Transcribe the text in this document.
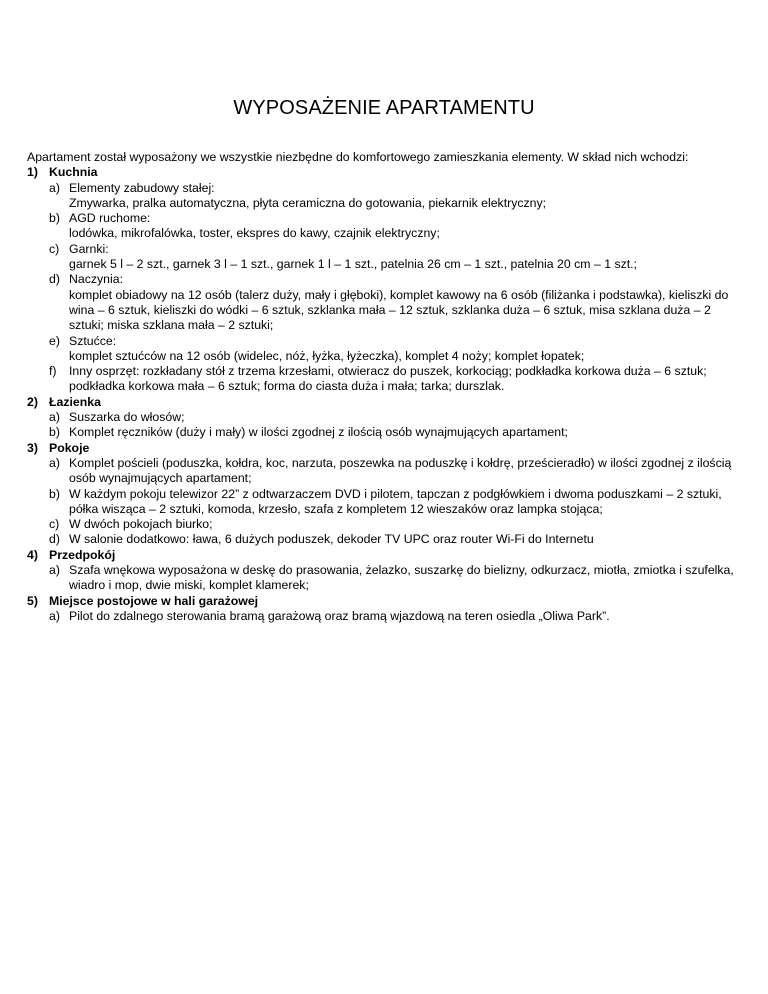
WYPOSAŻENIE APARTAMENTU

Apartament został wyposażony we wszystkie niezbędne do komfortowego zamieszkania elementy. W skład nich wchodzi:

1) Kuchnia
a) Elementy zabudowy stałej:
Zmywarka, pralka automatyczna, płyta ceramiczna do gotowania, piekarnik elektryczny;
b) AGD ruchome:
lodówka, mikrofalówka, toster, ekspres do kawy, czajnik elektryczny;
c) Garnki:
garnek 5 l – 2 szt., garnek 3 l – 1 szt., garnek 1 l – 1 szt., patelnia 26 cm – 1 szt., patelnia 20 cm – 1 szt.;
d) Naczynia:
komplet obiadowy na 12 osób (talerz duży, mały i głęboki), komplet kawowy na 6 osób (filiżanka i podstawka), kieliszki do wina – 6 sztuk, kieliszki do wódki – 6 sztuk, szklanka mała – 12 sztuk, szklanka duża – 6 sztuk, misa szklana duża – 2 sztuki; miska szklana mała – 2 sztuki;
e) Sztućce:
komplet sztućców na 12 osób (widelec, nóż, łyżka, łyżeczka), komplet 4 noży; komplet łopatek;
f) Inny osprzęt: rozkładany stół z trzema krzesłami, otwieracz do puszek, korkociąg; podkładka korkowa duża – 6 sztuk; podkładka korkowa mała – 6 sztuk; forma do ciasta duża i mała; tarka; durszlak.
2) Łazienka
a) Suszarka do włosów;
b) Komplet ręczników (duży i mały) w ilości zgodnej z ilością osób wynajmujących apartament;
3) Pokoje
a) Komplet pościeli (poduszka, kołdra, koc, narzuta, poszewka na poduszkę i kołdrę, prześcieradło) w ilości zgodnej z ilością osób wynajmujących apartament;
b) W każdym pokoju telewizor 22” z odtwarzaczem DVD i pilotem, tapczan z podgłówkiem i dwoma poduszkami – 2 sztuki, półka wisząca – 2 sztuki, komoda, krzesło, szafa z kompletem 12 wieszaków oraz lampka stojąca;
c) W dwóch pokojach biurko;
d) W salonie dodatkowo: ława, 6 dużych poduszek, dekoder TV UPC oraz router Wi-Fi do Internetu
4) Przedpokój
a) Szafa wnękowa wyposażona w deskę do prasowania, żelazko, suszarkę do bielizny, odkurzacz, miotła, zmiotka i szufelka, wiadro i mop, dwie miski, komplet klamerek;
5) Miejsce postojowe w hali garażowej
a) Pilot do zdalnego sterowania bramą garażową oraz bramą wjazdową na teren osiedla „Oliwa Park”.
